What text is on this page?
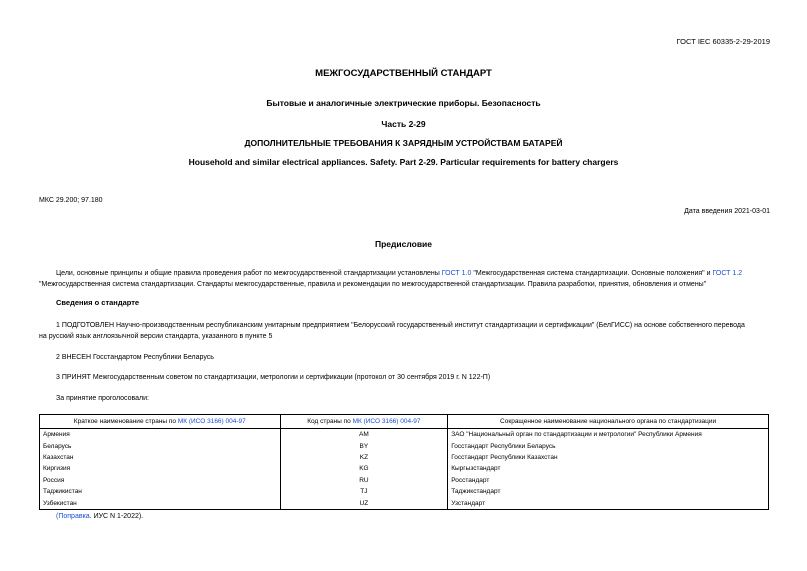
ГОСТ IEC 60335-2-29-2019
МЕЖГОСУДАРСТВЕННЫЙ СТАНДАРТ
Бытовые и аналогичные электрические приборы. Безопасность
Часть 2-29
ДОПОЛНИТЕЛЬНЫЕ ТРЕБОВАНИЯ К ЗАРЯДНЫМ УСТРОЙСТВАМ БАТАРЕЙ
Household and similar electrical appliances. Safety. Part 2-29. Particular requirements for battery chargers
МКС 29.200; 97.180
Дата введения 2021-03-01
Предисловие
Цели, основные принципы и общие правила проведения работ по межгосударственной стандартизации установлены ГОСТ 1.0 "Межгосударственная система стандартизации. Основные положения" и ГОСТ 1.2
"Межгосударственная система стандартизации. Стандарты межгосударственные, правила и рекомендации по межгосударственной стандартизации. Правила разработки, принятия, обновления и отмены"
Сведения о стандарте
1 ПОДГОТОВЛЕН Научно-производственным республиканским унитарным предприятием "Белорусский государственный институт стандартизации и сертификации" (БелГИСС) на основе собственного перевода
на русский язык англоязычной версии стандарта, указанного в пункте 5
2 ВНЕСЕН Госстандартом Республики Беларусь
3 ПРИНЯТ Межгосударственным советом по стандартизации, метрологии и сертификации (протокол от 30 сентября 2019 г. N 122-П)
За принятие проголосовали:
Краткое наименование страны по МК (ИСО 3166) 004-97	Код страны по МК (ИСО 3166) 004-97	Сокращенное наименование национального органа по стандартизации
Армения	AM	ЗАО "Национальный орган по стандартизации и метрологии" Республики Армения
Беларусь	BY	Госстандарт Республики Беларусь
Казахстан	KZ	Госстандарт Республики Казахстан
Киргизия	KG	Кыргызстандарт
Россия	RU	Росстандарт
Таджикистан	TJ	Таджикстандарт
Узбекистан	UZ	Узстандарт
(Поправка. ИУС N 1-2022).
